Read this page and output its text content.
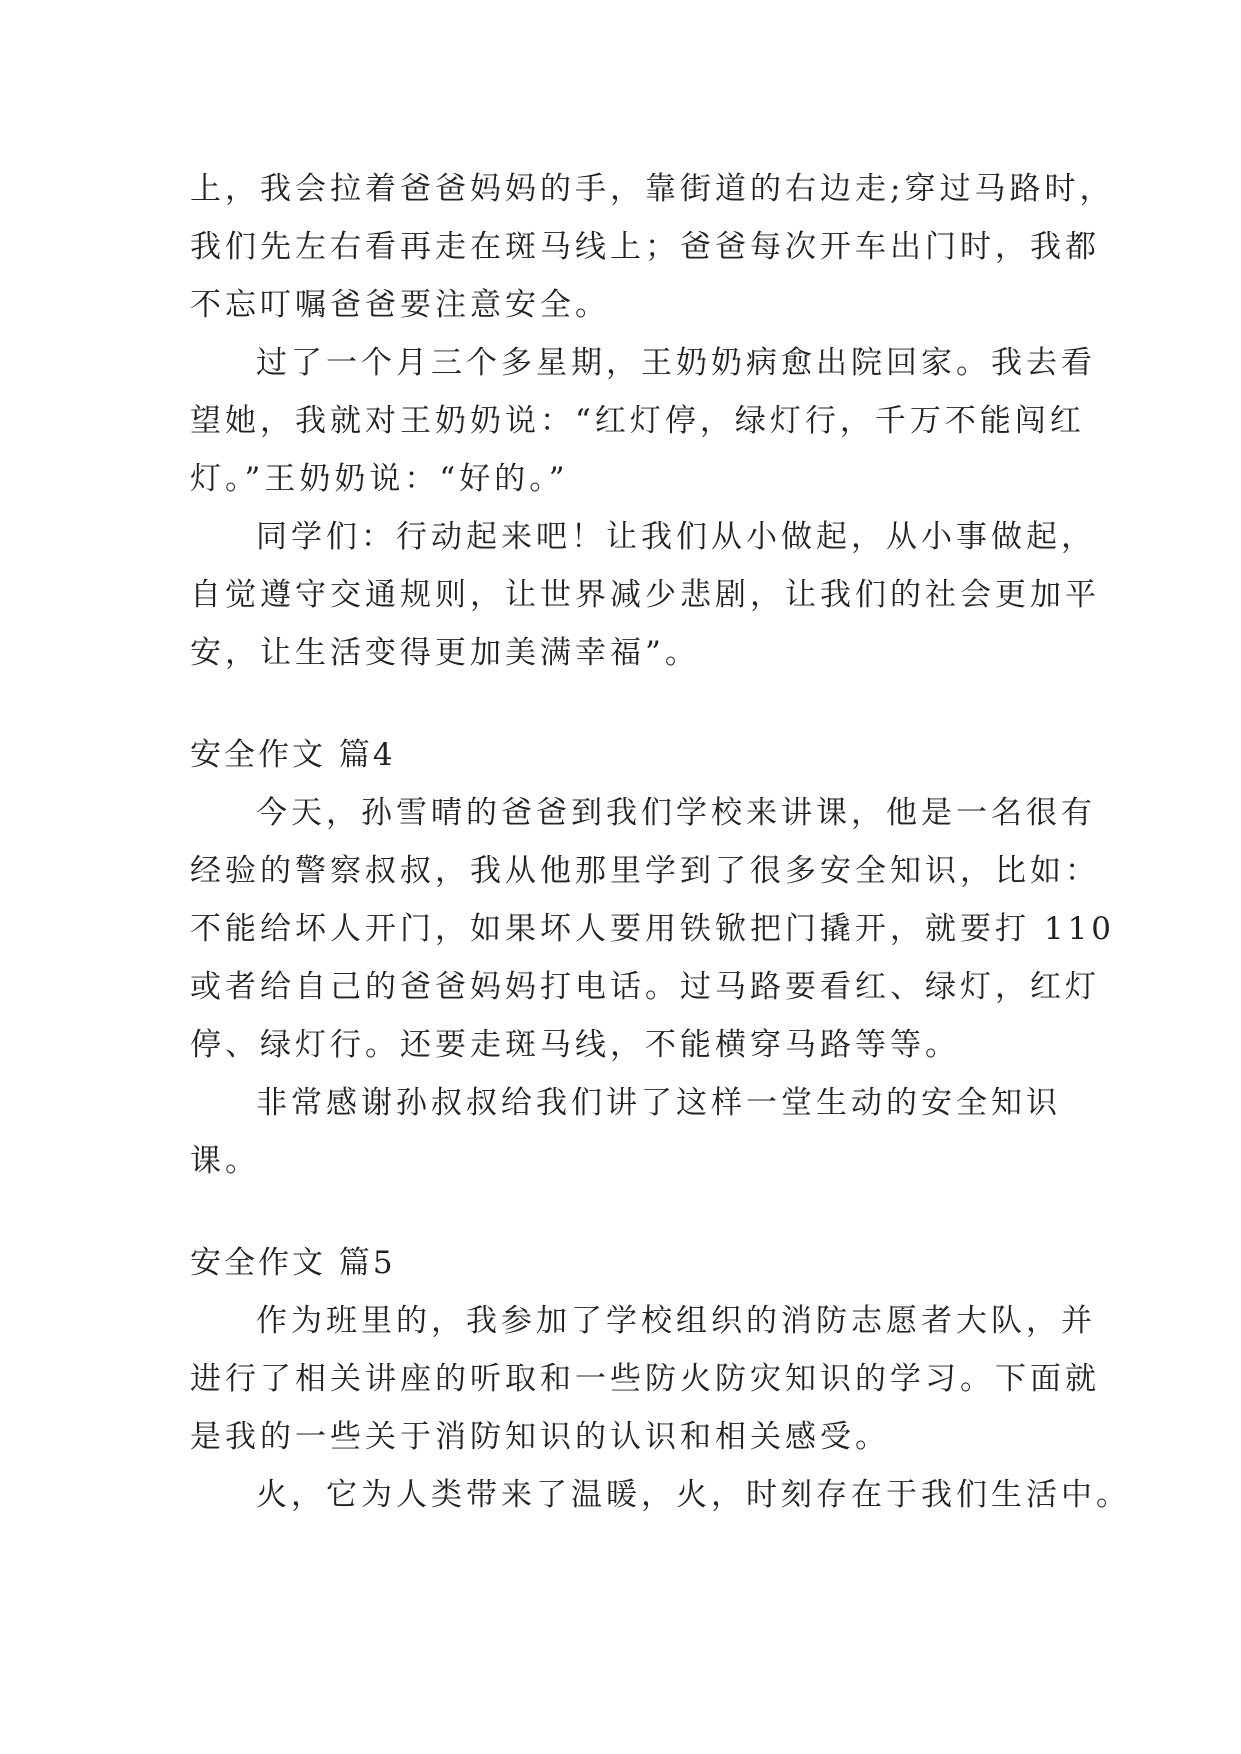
上，我会拉着爸爸妈妈的手，靠街道的右边走;穿过马路时，
我们先左右看再走在斑马线上；爸爸每次开车出门时，我都
不忘叮嘱爸爸要注意安全。
过了一个月三个多星期，王奶奶病愈出院回家。我去看
望她，我就对王奶奶说：“红灯停，绿灯行，千万不能闯红
灯。”王奶奶说：“好的。”
同学们：行动起来吧！让我们从小做起，从小事做起，
自觉遵守交通规则，让世界减少悲剧，让我们的社会更加平
安，让生活变得更加美满幸福”。
安全作文 篇4
今天，孙雪晴的爸爸到我们学校来讲课，他是一名很有
经验的警察叔叔，我从他那里学到了很多安全知识，比如：
不能给坏人开门，如果坏人要用铁锨把门撬开，就要打 110
或者给自己的爸爸妈妈打电话。过马路要看红、绿灯，红灯
停、绿灯行。还要走斑马线，不能横穿马路等等。
非常感谢孙叔叔给我们讲了这样一堂生动的安全知识
课。
安全作文 篇5
作为班里的，我参加了学校组织的消防志愿者大队，并
进行了相关讲座的听取和一些防火防灾知识的学习。下面就
是我的一些关于消防知识的认识和相关感受。
火，它为人类带来了温暖，火，时刻存在于我们生活中。
